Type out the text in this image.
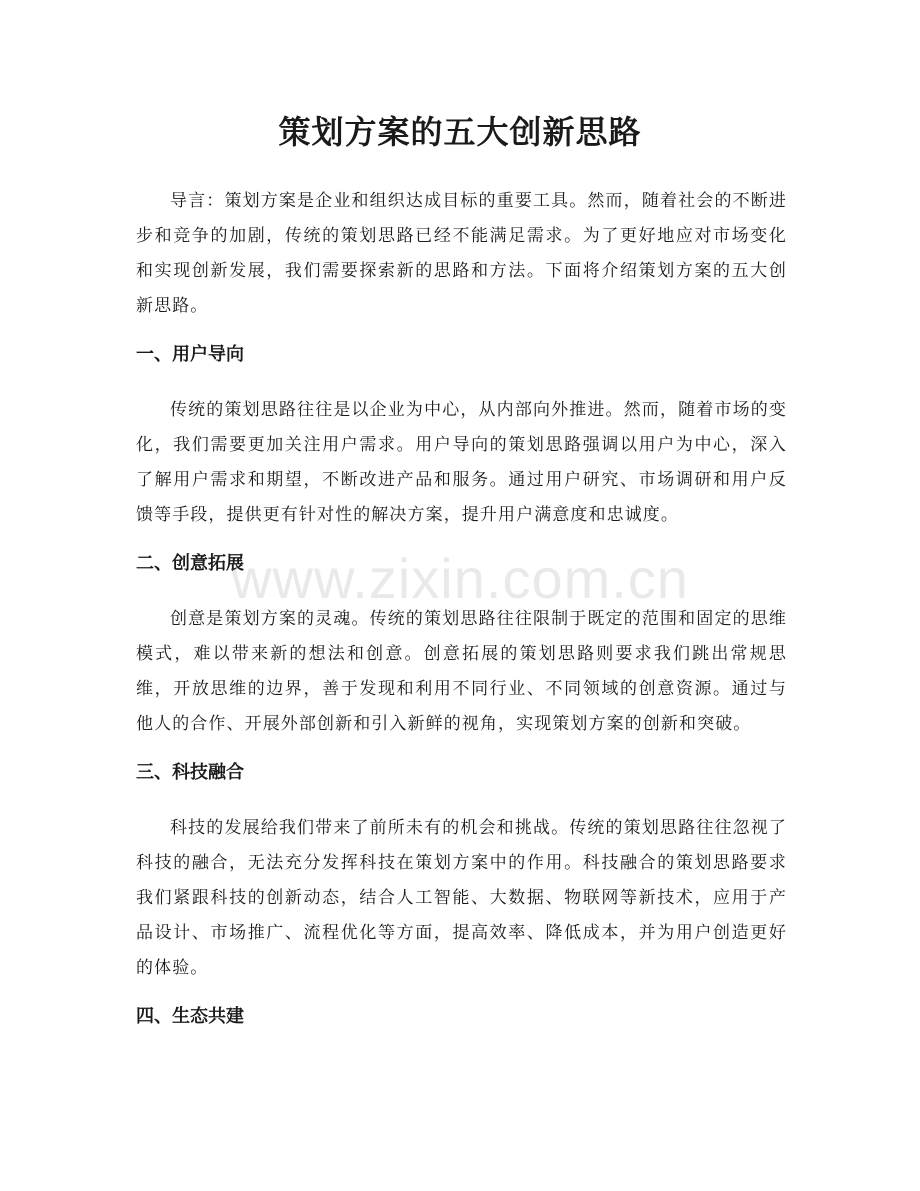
策划方案的五大创新思路

导言：策划方案是企业和组织达成目标的重要工具。然而，随着社会的不断进步和竞争的加剧，传统的策划思路已经不能满足需求。为了更好地应对市场变化和实现创新发展，我们需要探索新的思路和方法。下面将介绍策划方案的五大创新思路。

一、用户导向

传统的策划思路往往是以企业为中心，从内部向外推进。然而，随着市场的变化，我们需要更加关注用户需求。用户导向的策划思路强调以用户为中心，深入了解用户需求和期望，不断改进产品和服务。通过用户研究、市场调研和用户反馈等手段，提供更有针对性的解决方案，提升用户满意度和忠诚度。

二、创意拓展

创意是策划方案的灵魂。传统的策划思路往往限制于既定的范围和固定的思维模式，难以带来新的想法和创意。创意拓展的策划思路则要求我们跳出常规思维，开放思维的边界，善于发现和利用不同行业、不同领域的创意资源。通过与他人的合作、开展外部创新和引入新鲜的视角，实现策划方案的创新和突破。

三、科技融合

科技的发展给我们带来了前所未有的机会和挑战。传统的策划思路往往忽视了科技的融合，无法充分发挥科技在策划方案中的作用。科技融合的策划思路要求我们紧跟科技的创新动态，结合人工智能、大数据、物联网等新技术，应用于产品设计、市场推广、流程优化等方面，提高效率、降低成本，并为用户创造更好的体验。

四、生态共建
www.zixin.com.cn
